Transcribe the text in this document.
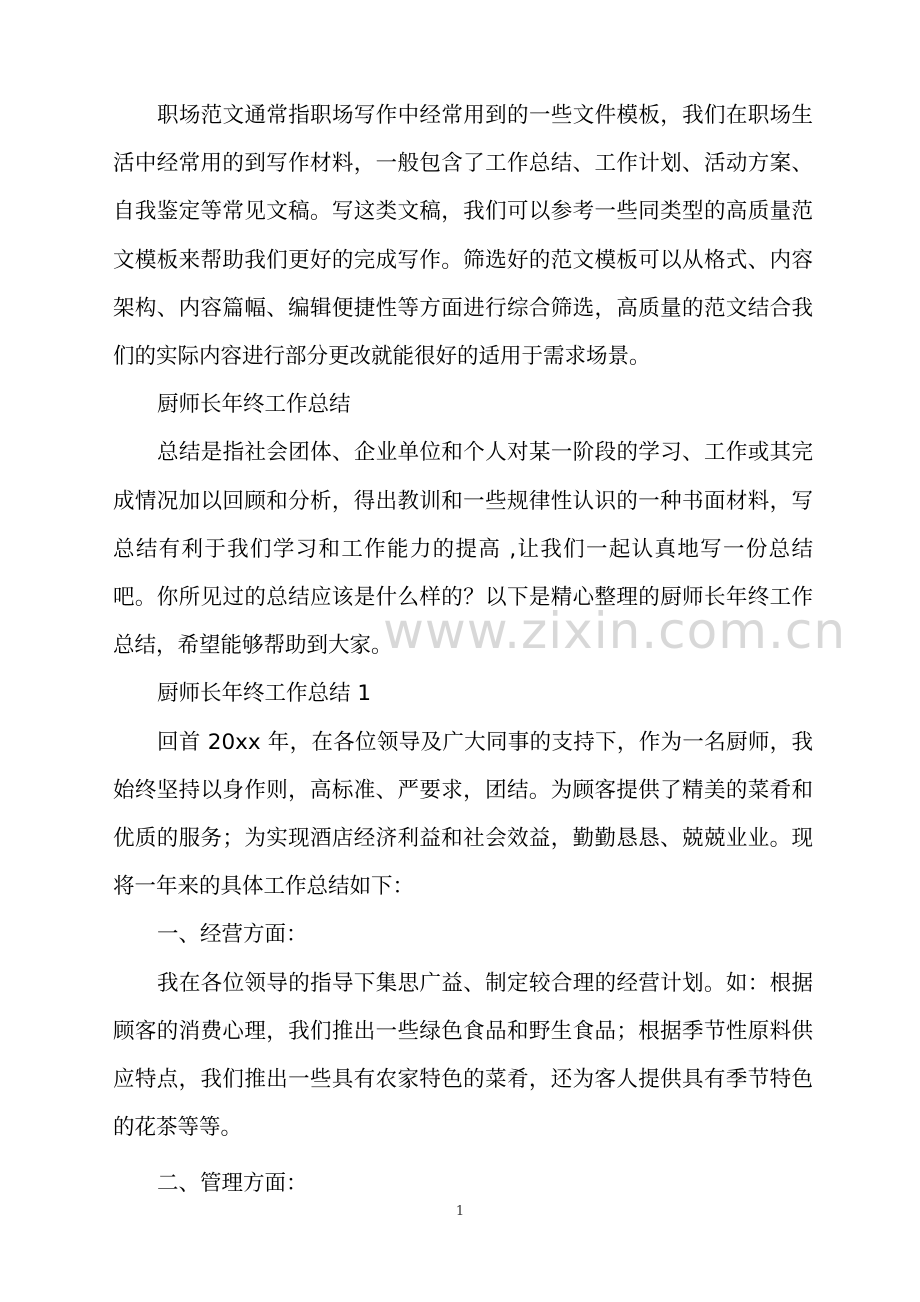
职场范文通常指职场写作中经常用到的一些文件模板，我们在职场生活中经常用的到写作材料，一般包含了工作总结、工作计划、活动方案、自我鉴定等常见文稿。写这类文稿，我们可以参考一些同类型的高质量范文模板来帮助我们更好的完成写作。筛选好的范文模板可以从格式、内容架构、内容篇幅、编辑便捷性等方面进行综合筛选，高质量的范文结合我们的实际内容进行部分更改就能很好的适用于需求场景。

厨师长年终工作总结

总结是指社会团体、企业单位和个人对某一阶段的学习、工作或其完成情况加以回顾和分析，得出教训和一些规律性认识的一种书面材料，写总结有利于我们学习和工作能力的提高 ,让我们一起认真地写一份总结吧。你所见过的总结应该是什么样的？以下是精心整理的厨师长年终工作总结，希望能够帮助到大家。

厨师长年终工作总结 1

回首 20xx 年，在各位领导及广大同事的支持下，作为一名厨师，我始终坚持以身作则，高标准、严要求，团结。为顾客提供了精美的菜肴和优质的服务；为实现酒店经济利益和社会效益，勤勤恳恳、兢兢业业。现将一年来的具体工作总结如下：

一、经营方面：

我在各位领导的指导下集思广益、制定较合理的经营计划。如：根据顾客的消费心理，我们推出一些绿色食品和野生食品；根据季节性原料供应特点，我们推出一些具有农家特色的菜肴，还为客人提供具有季节特色的花茶等等。

二、管理方面：

www.zixin.com.cn
1
